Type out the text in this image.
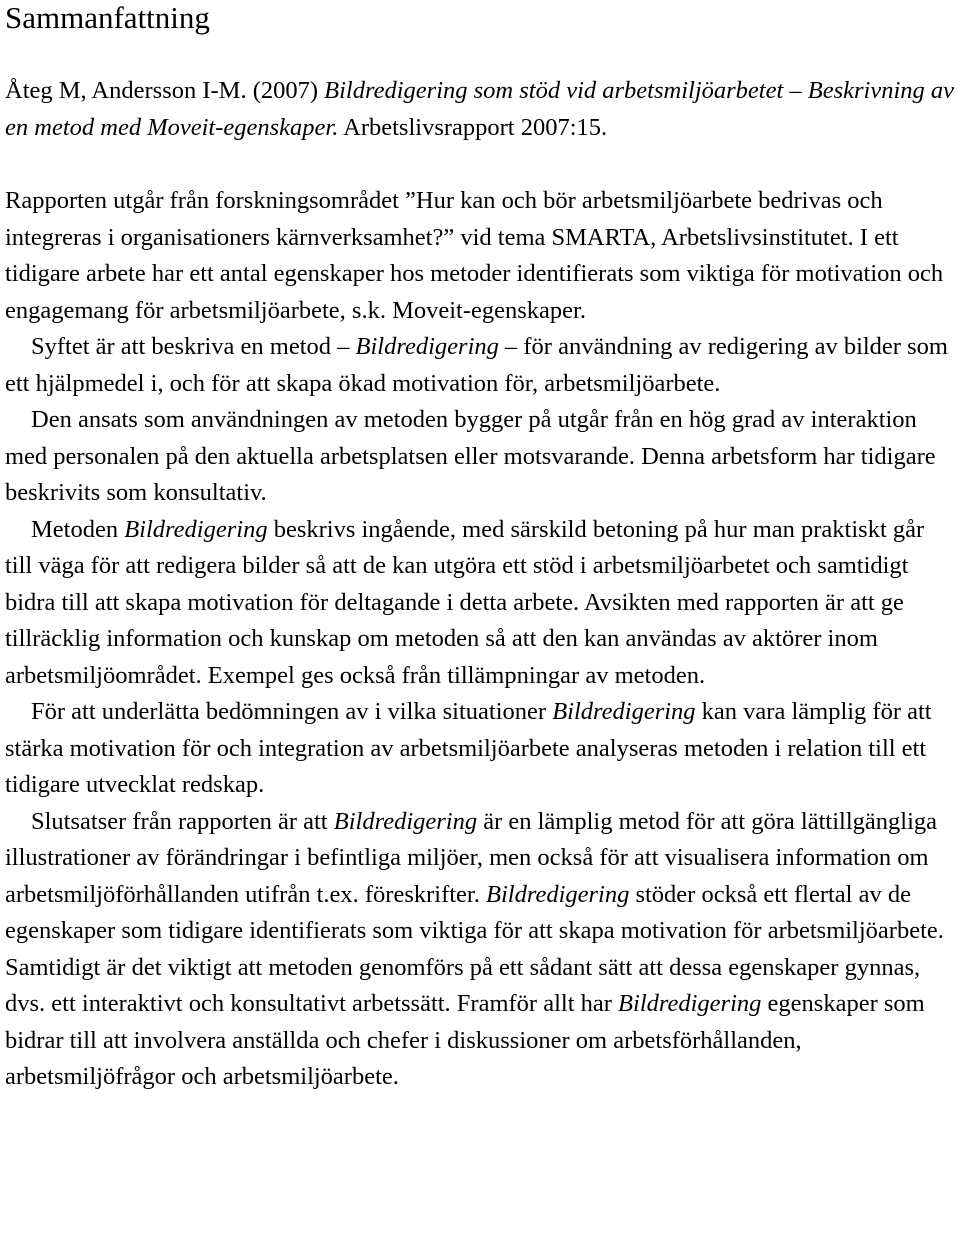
Sammanfattning

Åteg M, Andersson I-M. (2007) Bildredigering som stöd vid arbetsmiljöarbetet – Beskrivning av en metod med Moveit-egenskaper. Arbetslivsrapport 2007:15.

Rapporten utgår från forskningsområdet ”Hur kan och bör arbetsmiljöarbete bedrivas och integreras i organisationers kärnverksamhet?” vid tema SMARTA, Arbetslivsinstitutet. I ett tidigare arbete har ett antal egenskaper hos metoder identifierats som viktiga för motivation och engagemang för arbetsmiljöarbete, s.k. Moveit-egenskaper.

Syftet är att beskriva en metod – Bildredigering – för användning av redigering av bilder som ett hjälpmedel i, och för att skapa ökad motivation för, arbetsmiljöarbete.

Den ansats som användningen av metoden bygger på utgår från en hög grad av interaktion med personalen på den aktuella arbetsplatsen eller motsvarande. Denna arbetsform har tidigare beskrivits som konsultativ.

Metoden Bildredigering beskrivs ingående, med särskild betoning på hur man praktiskt går till väga för att redigera bilder så att de kan utgöra ett stöd i arbetsmiljöarbetet och samtidigt bidra till att skapa motivation för deltagande i detta arbete. Avsikten med rapporten är att ge tillräcklig information och kunskap om metoden så att den kan användas av aktörer inom arbetsmiljöområdet. Exempel ges också från tillämpningar av metoden.

För att underlätta bedömningen av i vilka situationer Bildredigering kan vara lämplig för att stärka motivation för och integration av arbetsmiljöarbete analyseras metoden i relation till ett tidigare utvecklat redskap.

Slutsatser från rapporten är att Bildredigering är en lämplig metod för att göra lättillgängliga illustrationer av förändringar i befintliga miljöer, men också för att visualisera information om arbetsmiljöförhållanden utifrån t.ex. föreskrifter. Bildredigering stöder också ett flertal av de egenskaper som tidigare identifierats som viktiga för att skapa motivation för arbetsmiljöarbete. Samtidigt är det viktigt att metoden genomförs på ett sådant sätt att dessa egenskaper gynnas, dvs. ett interaktivt och konsultativt arbetssätt. Framför allt har Bildredigering egenskaper som bidrar till att involvera anställda och chefer i diskussioner om arbetsförhållanden, arbetsmiljöfrågor och arbetsmiljöarbete.
